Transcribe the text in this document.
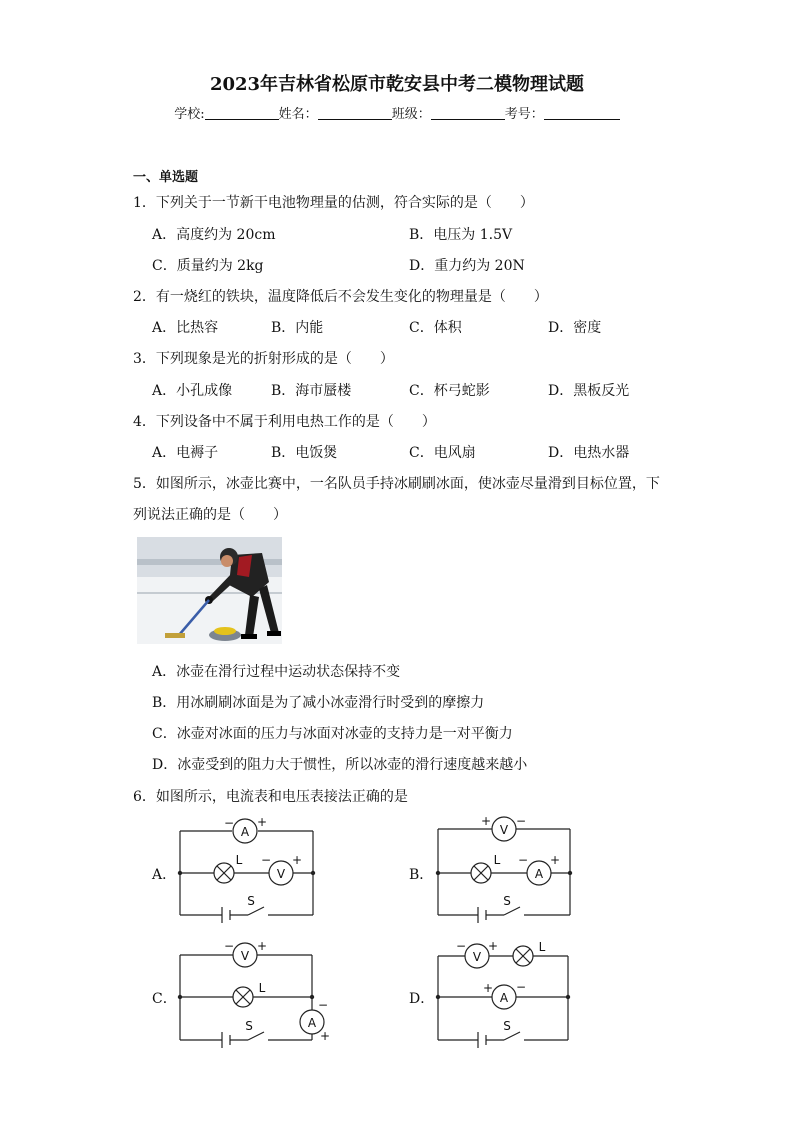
2023年吉林省松原市乾安县中考二模物理试题
学校:	姓名：	班级：	考号：
一、单选题
1．下列关于一节新干电池物理量的估测，符合实际的是（　　）
A．高度约为 20cm	B．电压为 1.5V
C．质量约为 2kg	D．重力约为 20N
2．有一烧红的铁块，温度降低后不会发生变化的物理量是（　　）
A．比热容	B．内能	C．体积	D．密度
3．下列现象是光的折射形成的是（　　）
A．小孔成像	B．海市蜃楼	C．杯弓蛇影	D．黑板反光
4．下列设备中不属于利用电热工作的是（　　）
A．电褥子	B．电饭煲	C．电风扇	D．电热水器
5．如图所示，冰壶比赛中，一名队员手持冰刷刷冰面，使冰壶尽量滑到目标位置，下
列说法正确的是（　　）
A．冰壶在滑行过程中运动状态保持不变
B．用冰刷刷冰面是为了减小冰壶滑行时受到的摩擦力
C．冰壶对冰面的压力与冰面对冰壶的支持力是一对平衡力
D．冰壶受到的阻力大于惯性，所以冰壶的滑行速度越来越小
6．如图所示，电流表和电压表接法正确的是
A
− +
L
V
− +
S
V
+ −
L
A
− +
S
V
− +
L
A
−
+
S
V
− +	L
A
+ −
S
A．	B．
C．	D．
